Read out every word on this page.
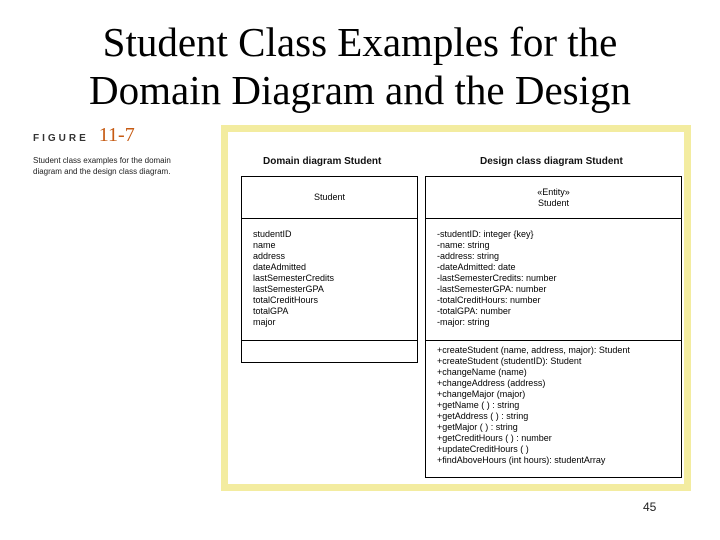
Student Class Examples for the Domain Diagram and the Design
FIGURE 11-7
Student class examples for the domain diagram and the design class diagram.
Domain diagram Student	Design class diagram Student
Student
studentID
name
address
dateAdmitted
lastSemesterCredits
lastSemesterGPA
totalCreditHours
totalGPA
major
«Entity»
Student
-studentID: integer {key}
-name: string
-address: string
-dateAdmitted: date
-lastSemesterCredits: number
-lastSemesterGPA: number
-totalCreditHours: number
-totalGPA: number
-major: string
+createStudent (name, address, major): Student
+createStudent (studentID): Student
+changeName (name)
+changeAddress (address)
+changeMajor (major)
+getName ( ) : string
+getAddress ( ) : string
+getMajor ( ) : string
+getCreditHours ( ) : number
+updateCreditHours ( )
+findAboveHours (int hours): studentArray
45
